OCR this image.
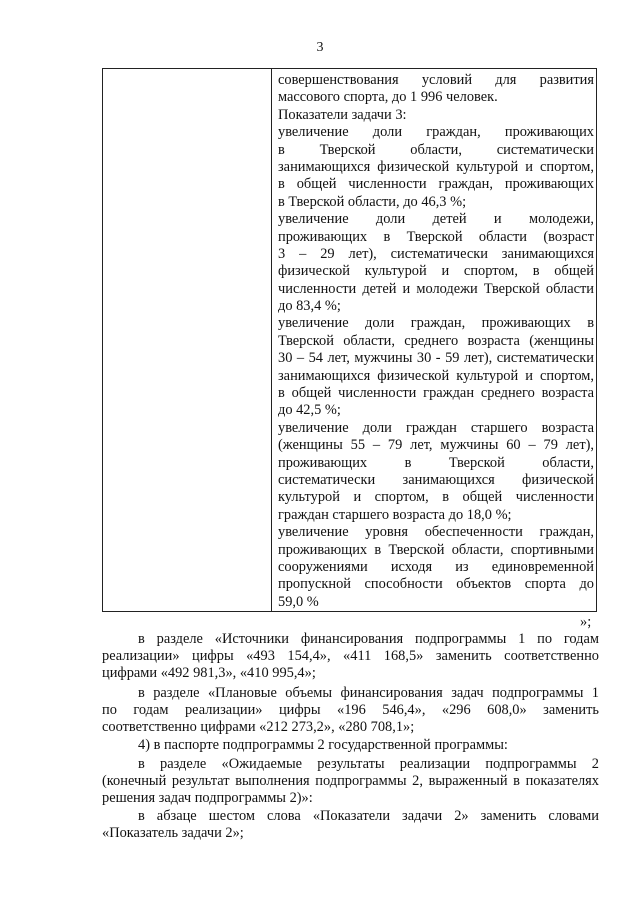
3
совершенствования условий для развития
массового спорта, до 1 996 человек.
Показатели задачи 3:
увеличение доли граждан, проживающих
в Тверской области, систематически
занимающихся физической культурой и спортом,
в общей численности граждан, проживающих
в Тверской области, до 46,3 %;
увеличение доли детей и молодежи,
проживающих в Тверской области (возраст
3 – 29 лет), систематически занимающихся
физической культурой и спортом, в общей
численности детей и молодежи Тверской области
до 83,4 %;
увеличение доли граждан, проживающих в
Тверской области, среднего возраста (женщины
30 – 54 лет, мужчины 30 - 59 лет), систематически
занимающихся физической культурой и спортом,
в общей численности граждан среднего возраста
до 42,5 %;
увеличение доли граждан старшего возраста
(женщины 55 – 79 лет, мужчины 60 – 79 лет),
проживающих в Тверской области,
систематически занимающихся физической
культурой и спортом, в общей численности
граждан старшего возраста до 18,0 %;
увеличение уровня обеспеченности граждан,
проживающих в Тверской области, спортивными
сооружениями исходя из единовременной
пропускной способности объектов спорта до
59,0 %
»;
в разделе «Источники финансирования подпрограммы 1 по годам
реализации» цифры «493 154,4», «411 168,5» заменить соответственно
цифрами «492 981,3», «410 995,4»;
в разделе «Плановые объемы финансирования задач подпрограммы 1
по годам реализации» цифры «196 546,4», «296 608,0» заменить
соответственно цифрами «212 273,2», «280 708,1»;
4) в паспорте подпрограммы 2 государственной программы:
в разделе «Ожидаемые результаты реализации подпрограммы 2
(конечный результат выполнения подпрограммы 2, выраженный в показателях
решения задач подпрограммы 2)»:
в абзаце шестом слова «Показатели задачи 2» заменить словами
«Показатель задачи 2»;
